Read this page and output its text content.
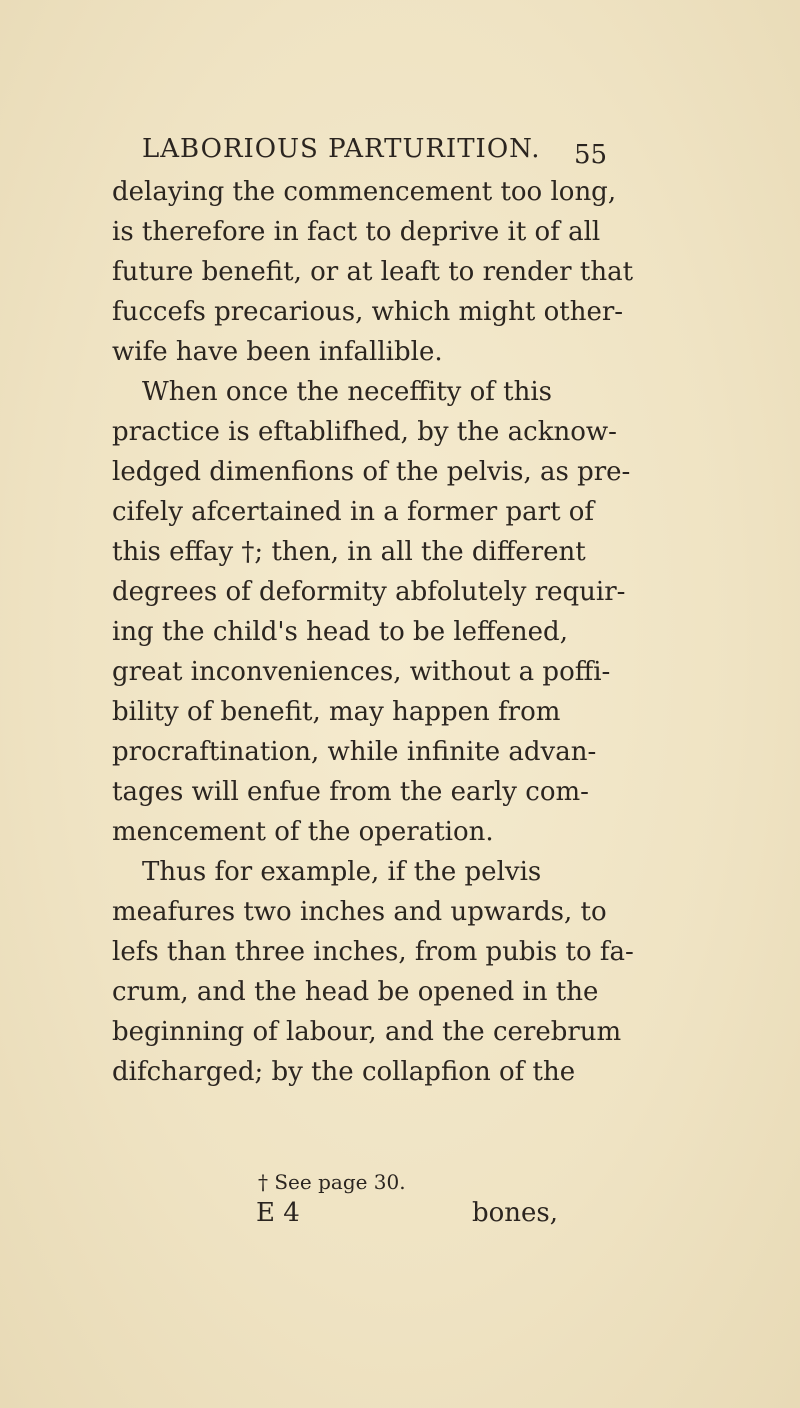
LABORIOUS PARTURITION. 55
delaying the commencement too long,
is therefore in fact to deprive it of all
future benefit, or at leaft to render that
fuccefs precarious, which might other-
wife have been infallible.
When once the neceffity of this
practice is eftablifhed, by the acknow-
ledged dimenfions of the pelvis, as pre-
cifely afcertained in a former part of
this effay †; then, in all the different
degrees of deformity abfolutely requir-
ing the child's head to be leffened,
great inconveniences, without a poffi-
bility of benefit, may happen from
procraftination, while infinite advan-
tages will enfue from the early com-
mencement of the operation.
Thus for example, if the pelvis
meafures two inches and upwards, to
lefs than three inches, from pubis to fa-
crum, and the head be opened in the
beginning of labour, and the cerebrum
difcharged; by the collapfion of the
† See page 30.
E 4	bones,
